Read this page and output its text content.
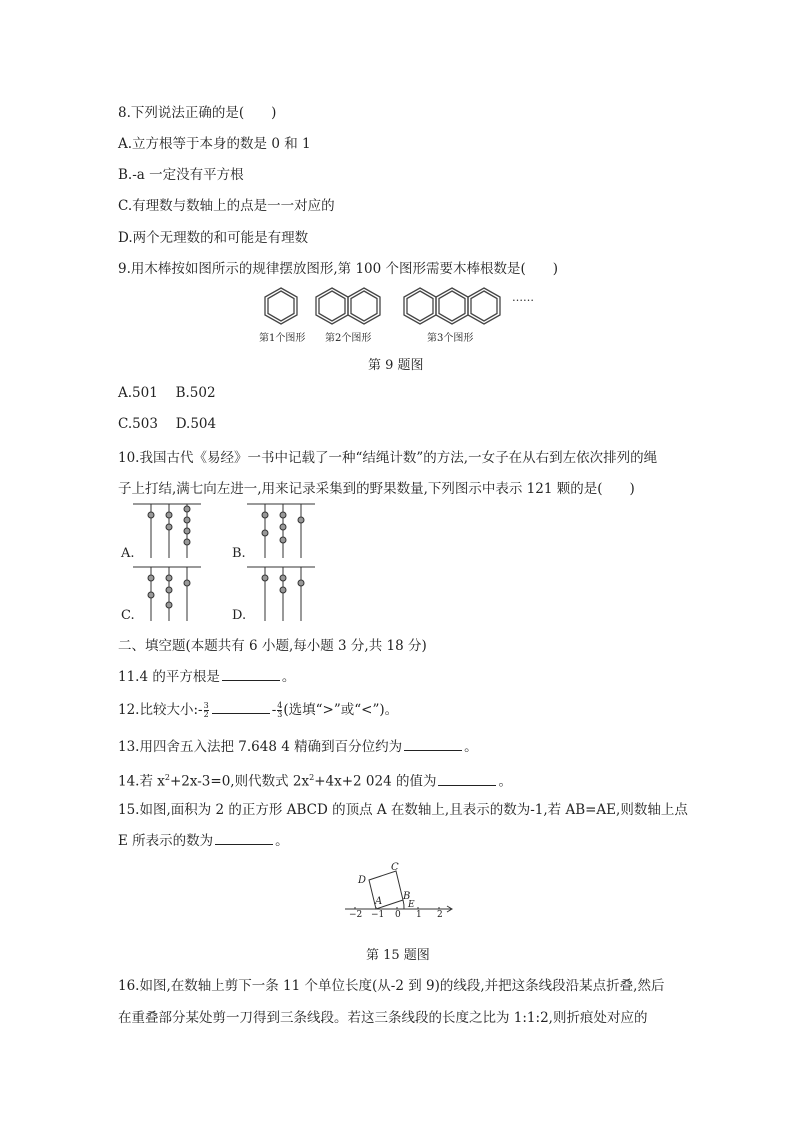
8.下列说法正确的是(　　)
A.立方根等于本身的数是 0 和 1
B.-a 一定没有平方根
C.有理数与数轴上的点是一一对应的
D.两个无理数的和可能是有理数
9.用木棒按如图所示的规律摆放图形,第 100 个图形需要木棒根数是(　　)
……
第1个图形 第2个图形	第3个图形
第 9 题图
A.501　 B.502
C.503　 D.504
10.我国古代《易经》一书中记载了一种“结绳计数”的方法,一女子在从右到左依次排列的绳
子上打结,满七向左进一,用来记录采集到的野果数量,下列图示中表示 121 颗的是(　　)
A.	B.
C.	D.
二、填空题(本题共有 6 小题,每小题 3 分,共 18 分)
11.4 的平方根是	。
12.比较大小:- $\frac{3}{2}$	- $\frac{4}{3}$ (选填“>”或“<”)。
13.用四舍五入法把 7.648 4 精确到百分位约为	。
14.若 $x^2+2x-3=0$,则代数式 $2x^2+4x+2$ 024 的值为	。
15.如图,面积为 2 的正方形 ABCD 的顶点 A 在数轴上,且表示的数为-1,若 AB=AE,则数轴上点
E 所表示的数为	。
D
C
A B
E
−2 −1 0 1 2
第 15 题图
16.如图,在数轴上剪下一条 11 个单位长度(从-2 到 9)的线段,并把这条线段沿某点折叠,然后
在重叠部分某处剪一刀得到三条线段。若这三条线段的长度之比为 1:1:2,则折痕处对应的
